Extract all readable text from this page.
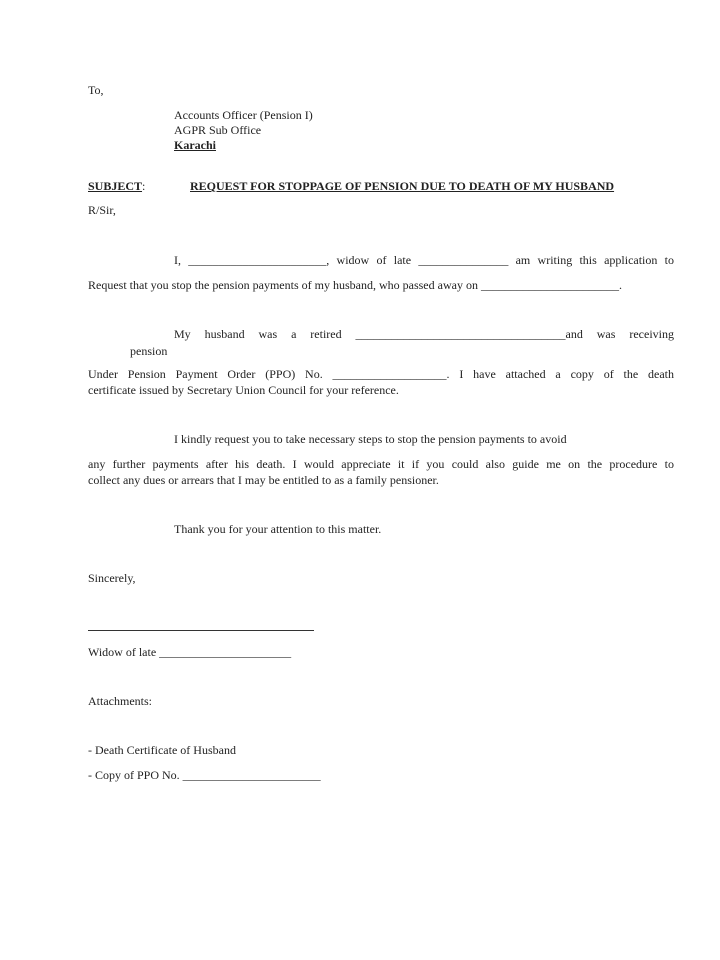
To,
Accounts Officer (Pension I)
AGPR Sub Office
Karachi
SUBJECT:	REQUEST FOR STOPPAGE OF PENSION DUE TO DEATH OF MY HUSBAND
R/Sir,
I, _______________________, widow of late _______________ am writing this application to
Request that you stop the pension payments of my husband, who passed away on _______________________.
My husband was a retired ___________________________________and was receiving
pension
Under Pension Payment Order (PPO) No. ___________________. I have attached a copy of the death
certificate issued by Secretary Union Council for your reference.
I kindly request you to take necessary steps to stop the pension payments to avoid
any further payments after his death. I would appreciate it if you could also guide me on the procedure to
collect any dues or arrears that I may be entitled to as a family pensioner.
Thank you for your attention to this matter.
Sincerely,
Widow of late ______________________
Attachments:
- Death Certificate of Husband
- Copy of PPO No. _______________________
